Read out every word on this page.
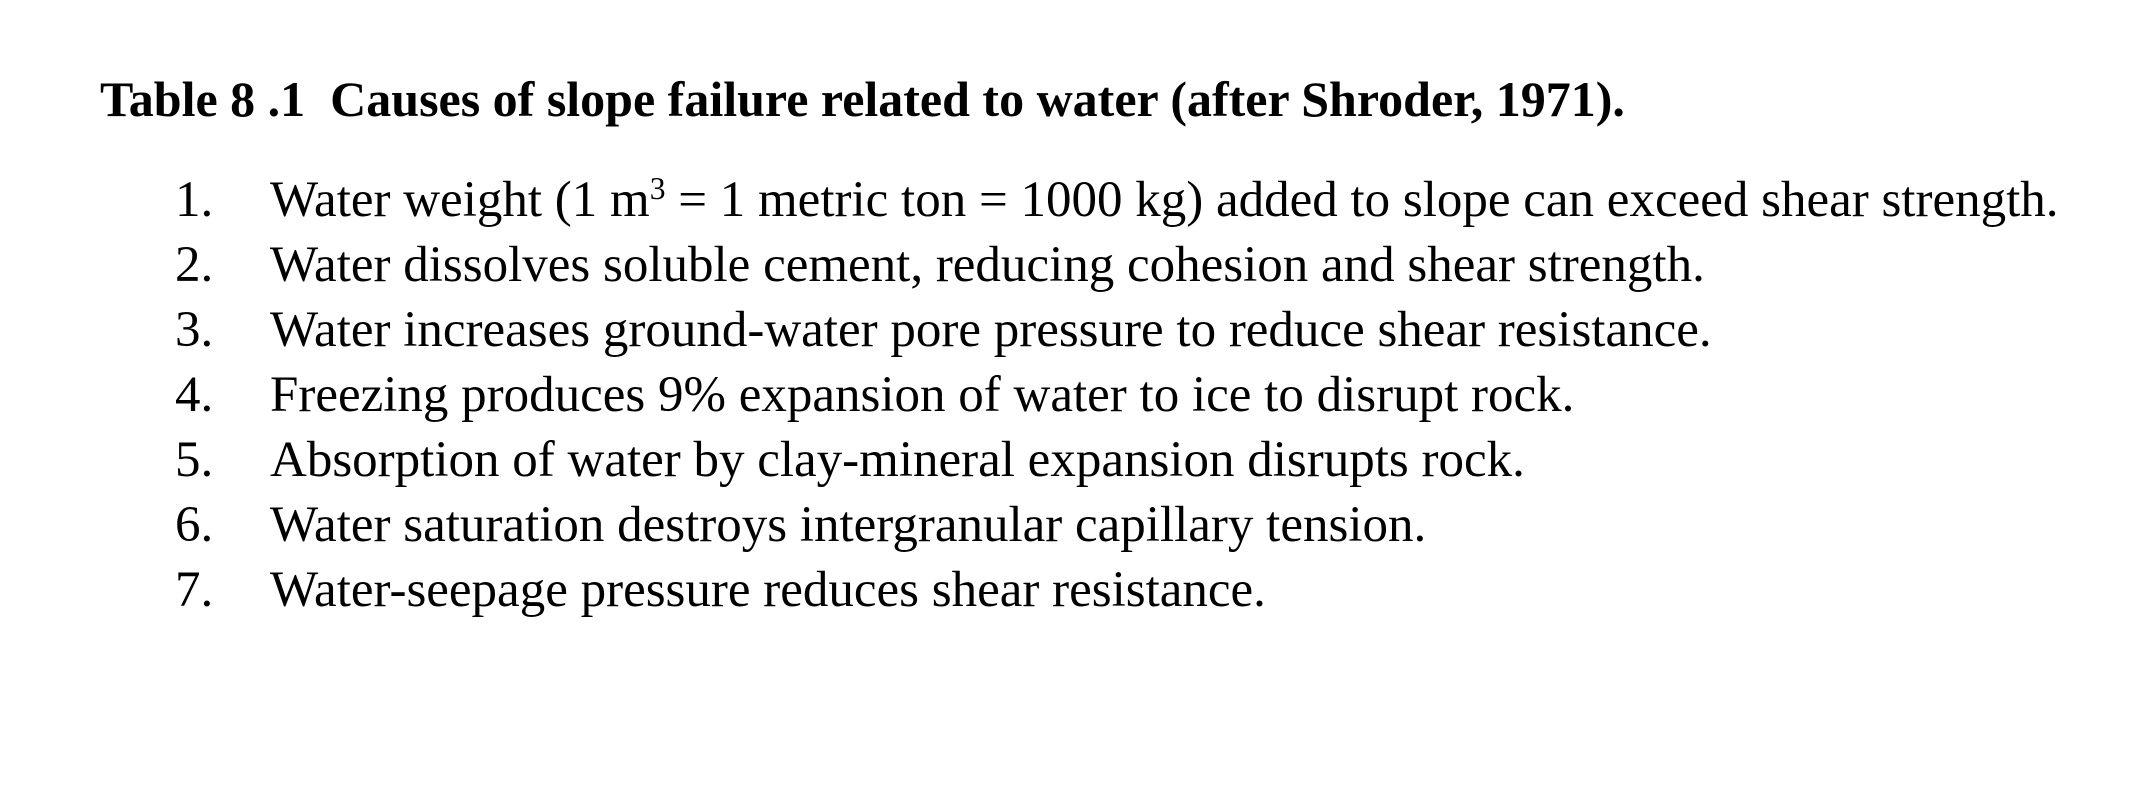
Table 8 .1  Causes of slope failure related to water (after Shroder, 1971).
1.	Water weight (1 $m^3 = 1$ metric ton = 1000 kg) added to slope can exceed shear strength.
2.	Water dissolves soluble cement, reducing cohesion and shear strength.
3.	Water increases ground-water pore pressure to reduce shear resistance.
4.	Freezing produces 9% expansion of water to ice to disrupt rock.
5.	Absorption of water by clay-mineral expansion disrupts rock.
6.	Water saturation destroys intergranular capillary tension.
7.	Water-seepage pressure reduces shear resistance.
